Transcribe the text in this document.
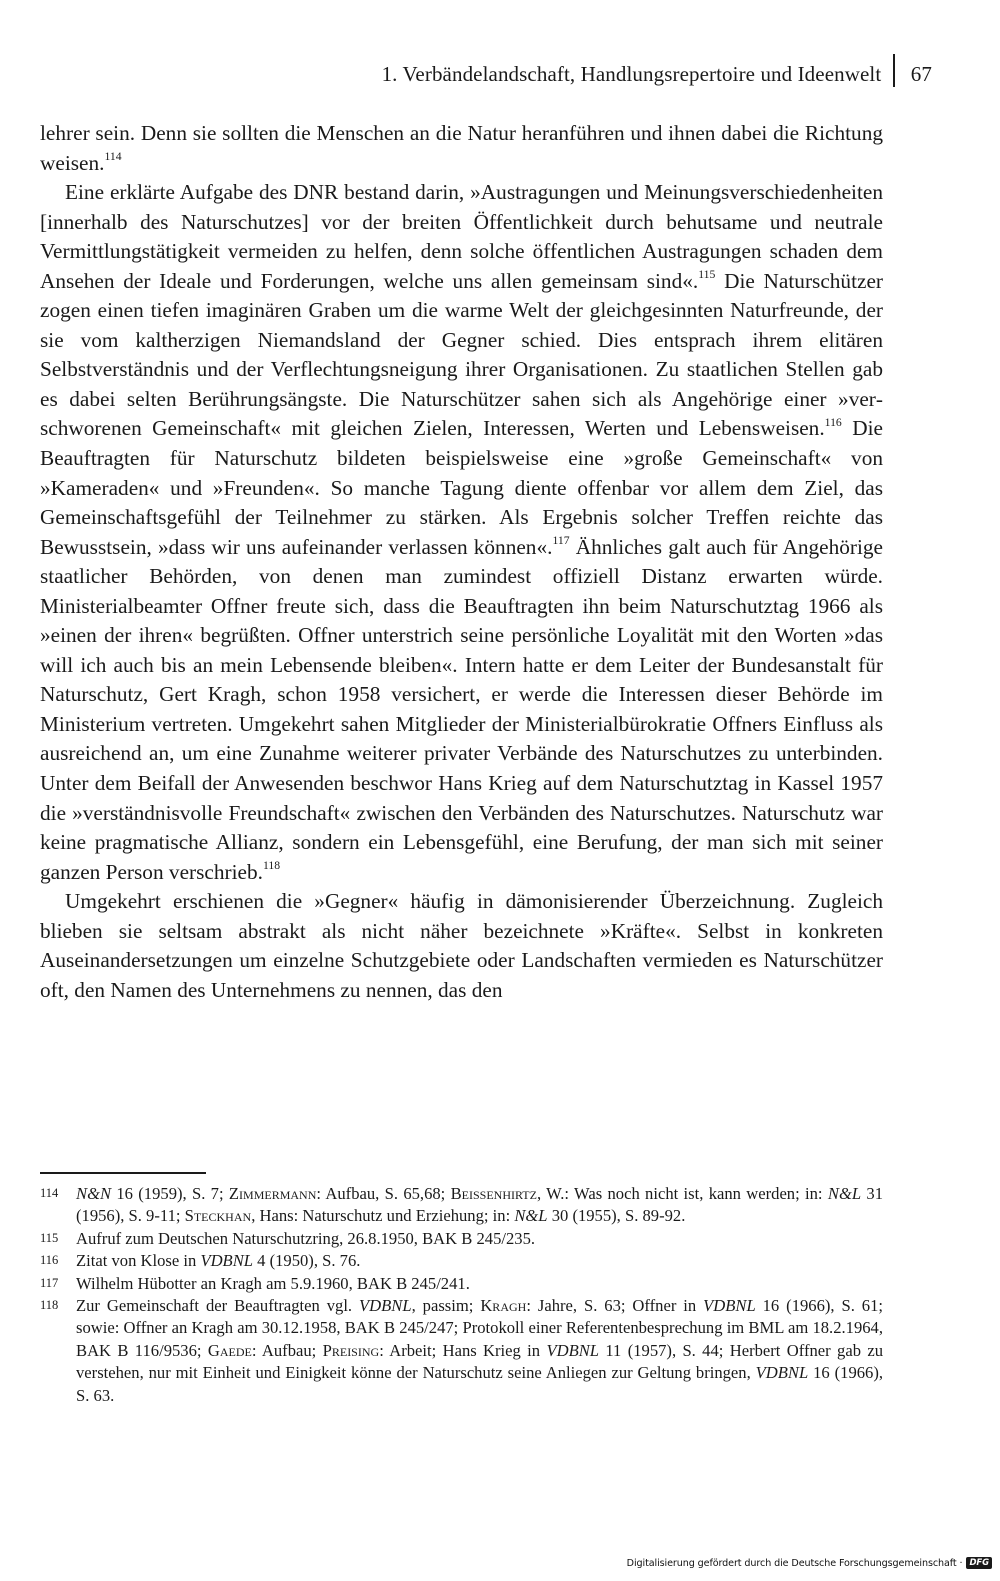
1. Verbändelandschaft, Handlungsrepertoire und Ideenwelt 67

lehrer sein. Denn sie sollten die Menschen an die Natur heranführen und ihnen dabei die Richtung weisen.$^{114}$

Eine erklärte Aufgabe des DNR bestand darin, »Austragungen und Meinungsverschiedenheiten [innerhalb des Naturschutzes] vor der breiten Öffentlichkeit durch behutsame und neutrale Vermittlungstätigkeit vermeiden zu helfen, denn solche öffentlichen Austragungen schaden dem Ansehen der Ideale und Forderungen, welche uns allen gemeinsam sind«.$^{115}$ Die Naturschützer zogen einen tiefen imaginären Graben um die warme Welt der gleichgesinnten Naturfreunde, der sie vom kaltherzigen Niemandsland der Gegner schied. Dies entsprach ihrem elitären Selbstverständnis und der Verflechtungsneigung ihrer Organisationen. Zu staatlichen Stellen gab es dabei selten Berührungsängste. Die Naturschützer sahen sich als Angehörige einer »verschworenen Gemeinschaft« mit gleichen Zielen, Interessen, Werten und Lebensweisen.$^{116}$ Die Beauftragten für Naturschutz bildeten beispielsweise eine »große Gemeinschaft« von »Kameraden« und »Freunden«. So manche Tagung diente offenbar vor allem dem Ziel, das Gemeinschaftsgefühl der Teilnehmer zu stärken. Als Ergebnis solcher Treffen reichte das Bewusstsein, »dass wir uns aufeinander verlassen können«.$^{117}$ Ähnliches galt auch für Angehörige staatlicher Behörden, von denen man zumindest offiziell Distanz erwarten würde. Ministerialbeamter Offner freute sich, dass die Beauftragten ihn beim Naturschutztag 1966 als »einen der ihren« begrüßten. Offner unterstrich seine persönliche Loyalität mit den Worten »das will ich auch bis an mein Lebensende bleiben«. Intern hatte er dem Leiter der Bundesanstalt für Naturschutz, Gert Kragh, schon 1958 versichert, er werde die Interessen dieser Behörde im Ministerium vertreten. Umgekehrt sahen Mitglieder der Ministerialbürokratie Offners Einfluss als ausreichend an, um eine Zunahme weiterer privater Verbände des Naturschutzes zu unterbinden. Unter dem Beifall der Anwesenden beschwor Hans Krieg auf dem Naturschutztag in Kassel 1957 die »verständnisvolle Freundschaft« zwischen den Verbänden des Naturschutzes. Naturschutz war keine pragmatische Allianz, sondern ein Lebensgefühl, eine Berufung, der man sich mit seiner ganzen Person verschrieb.$^{118}$

Umgekehrt erschienen die »Gegner« häufig in dämonisierender Überzeichnung. Zugleich blieben sie seltsam abstrakt als nicht näher bezeichnete »Kräfte«. Selbst in konkreten Auseinandersetzungen um einzelne Schutzgebiete oder Landschaften vermieden es Naturschützer oft, den Namen des Unternehmens zu nennen, das den

114	N&N 16 (1959), S. 7; Zimmermann: Aufbau, S. 65,68; Beissenhirtz, W.: Was noch nicht ist, kann werden; in: N&L 31 (1956), S. 9-11; Steckhan, Hans: Naturschutz und Erziehung; in: N&L 30 (1955), S. 89-92.
115	Aufruf zum Deutschen Naturschutzring, 26.8.1950, BAK B 245/235.
116	Zitat von Klose in VDBNL 4 (1950), S. 76.
117	Wilhelm Hübotter an Kragh am 5.9.1960, BAK B 245/241.
118	Zur Gemeinschaft der Beauftragten vgl. VDBNL, passim; Kragh: Jahre, S. 63; Offner in VDBNL 16 (1966), S. 61; sowie: Offner an Kragh am 30.12.1958, BAK B 245/247; Protokoll einer Referentenbesprechung im BML am 18.2.1964, BAK B 116/9536; Gaede: Aufbau; Preising: Arbeit; Hans Krieg in VDBNL 11 (1957), S. 44; Herbert Offner gab zu verstehen, nur mit Einheit und Einigkeit könne der Naturschutz seine Anliegen zur Geltung bringen, VDBNL 16 (1966), S. 63.
Digitalisierung gefördert durch die Deutsche Forschungsgemeinschaft · DFG
